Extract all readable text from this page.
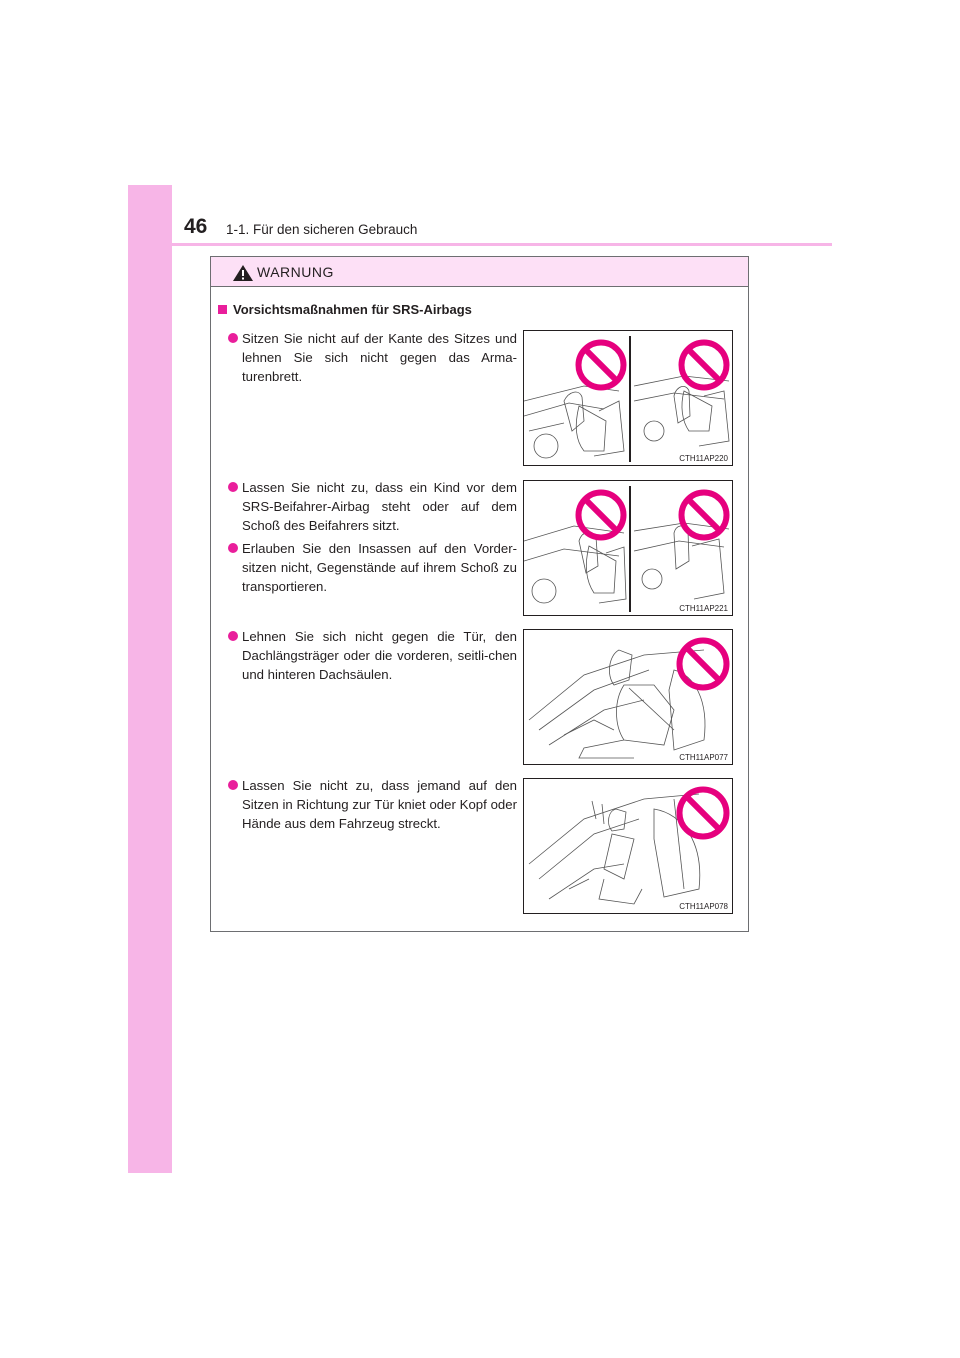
46 1-1. Für den sicheren Gebrauch
WARNUNG
Vorsichtsmaßnahmen für SRS-Airbags
Sitzen Sie nicht auf der Kante des Sitzes und lehnen Sie sich nicht gegen das Arma-turenbrett.
Lassen Sie nicht zu, dass ein Kind vor dem SRS-Beifahrer-Airbag steht oder auf dem Schoß des Beifahrers sitzt.
Erlauben Sie den Insassen auf den Vorder-sitzen nicht, Gegenstände auf ihrem Schoß zu transportieren.
Lehnen Sie sich nicht gegen die Tür, den Dachlängsträger oder die vorderen, seitli-chen und hinteren Dachsäulen.
Lassen Sie nicht zu, dass jemand auf den Sitzen in Richtung zur Tür kniet oder Kopf oder Hände aus dem Fahrzeug streckt.
CTH11AP220
CTH11AP221
CTH11AP077
CTH11AP078
